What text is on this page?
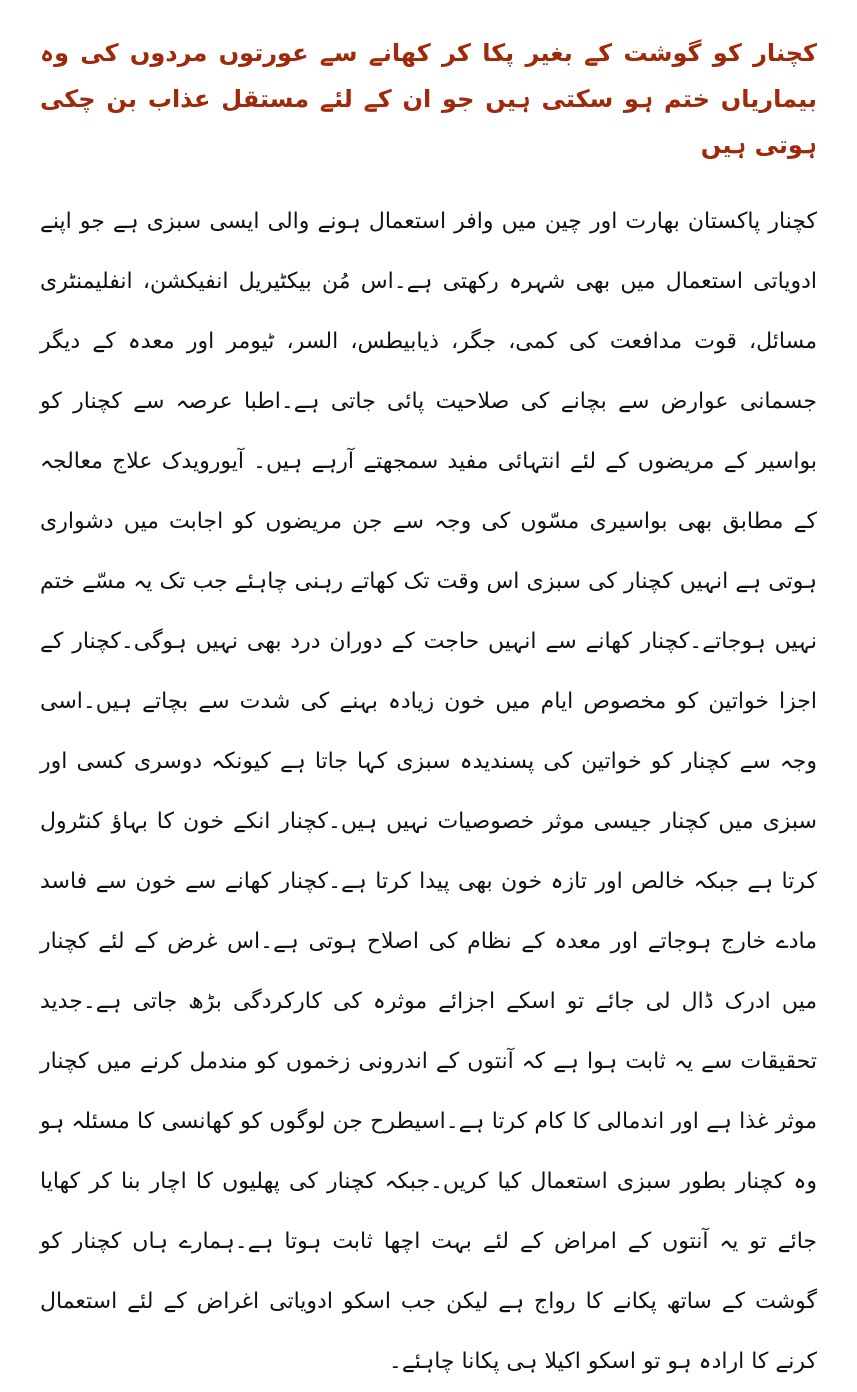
کچنار کو گوشت کے بغیر پکا کر کھانے سے عورتوں مردوں کی وہ بیماریاں ختم ہو سکتی ہیں جو ان کے لئے مستقل عذاب بن چکی ہوتی ہیں

کچنار پاکستان بھارت اور چین میں وافر استعمال ہونے والی ایسی سبزی ہے جو اپنے ادویاتی استعمال میں بھی شہرہ رکھتی ہے۔اس مُن بیکٹیریل انفیکشن، انفلیمنٹری مسائل، قوت مدافعت کی کمی، جگر، ذیابیطس، السر، ٹیومر اور معدہ کے دیگر جسمانی عوارض سے بچانے کی صلاحیت پائی جاتی ہے۔اطبا عرصہ سے کچنار کو بواسیر کے مریضوں کے لئے انتہائی مفید سمجھتے آرہے ہیں۔ آیورویدک علاج معالجہ کے مطابق بھی بواسیری مسّوں کی وجہ سے جن مریضوں کو اجابت میں دشواری ہوتی ہے انہیں کچنار کی سبزی اس وقت تک کھاتے رہنی چاہئے جب تک یہ مسّے ختم نہیں ہوجاتے۔کچنار کھانے سے انہیں حاجت کے دوران درد بھی نہیں ہوگی۔کچنار کے اجزا خواتین کو مخصوص ایام میں خون زیادہ بہنے کی شدت سے بچاتے ہیں۔اسی وجہ سے کچنار کو خواتین کی پسندیدہ سبزی کہا جاتا ہے کیونکہ دوسری کسی اور سبزی میں کچنار جیسی موثر خصوصیات نہیں ہیں۔کچنار انکے خون کا بہاؤ کنٹرول کرتا ہے جبکہ خالص اور تازہ خون بھی پیدا کرتا ہے۔کچنار کھانے سے خون سے فاسد مادے خارج ہوجاتے اور معدہ کے نظام کی اصلاح ہوتی ہے۔اس غرض کے لئے کچنار میں ادرک ڈال لی جائے تو اسکے اجزائے موثرہ کی کارکردگی بڑھ جاتی ہے۔جدید تحقیقات سے یہ ثابت ہوا ہے کہ آنتوں کے اندرونی زخموں کو مندمل کرنے میں کچنار موثر غذا ہے اور اندمالی کا کام کرتا ہے۔اسیطرح جن لوگوں کو کھانسی کا مسئلہ ہو وہ کچنار بطور سبزی استعمال کیا کریں۔جبکہ کچنار کی پھلیوں کا اچار بنا کر کھایا جائے تو یہ آنتوں کے امراض کے لئے بہت اچھا ثابت ہوتا ہے۔ہمارے ہاں کچنار کو گوشت کے ساتھ پکانے کا رواج ہے لیکن جب اسکو ادویاتی اغراض کے لئے استعمال کرنے کا ارادہ ہو تو اسکو اکیلا ہی پکانا چاہئے۔
